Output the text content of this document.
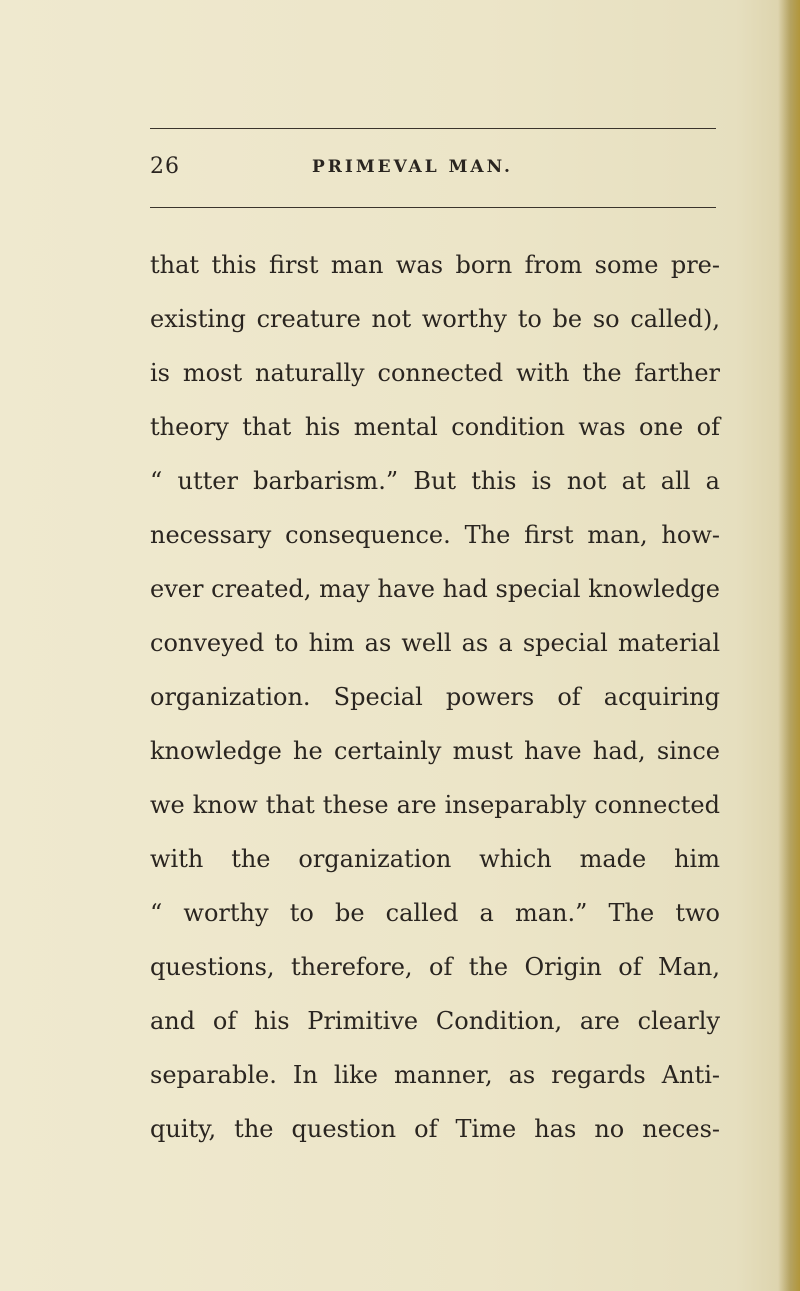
26	PRIMEVAL MAN.
that this first man was born from some pre-
existing creature not worthy to be so called),
is most naturally connected with the farther
theory that his mental condition was one of
“ utter barbarism.” But this is not at all a
necessary consequence. The first man, how-
ever created, may have had special knowledge
conveyed to him as well as a special material
organization. Special powers of acquiring
knowledge he certainly must have had, since
we know that these are inseparably connected
with the organization which made him
“ worthy to be called a man.” The two
questions, therefore, of the Origin of Man,
and of his Primitive Condition, are clearly
separable. In like manner, as regards Anti-
quity, the question of Time has no neces-
